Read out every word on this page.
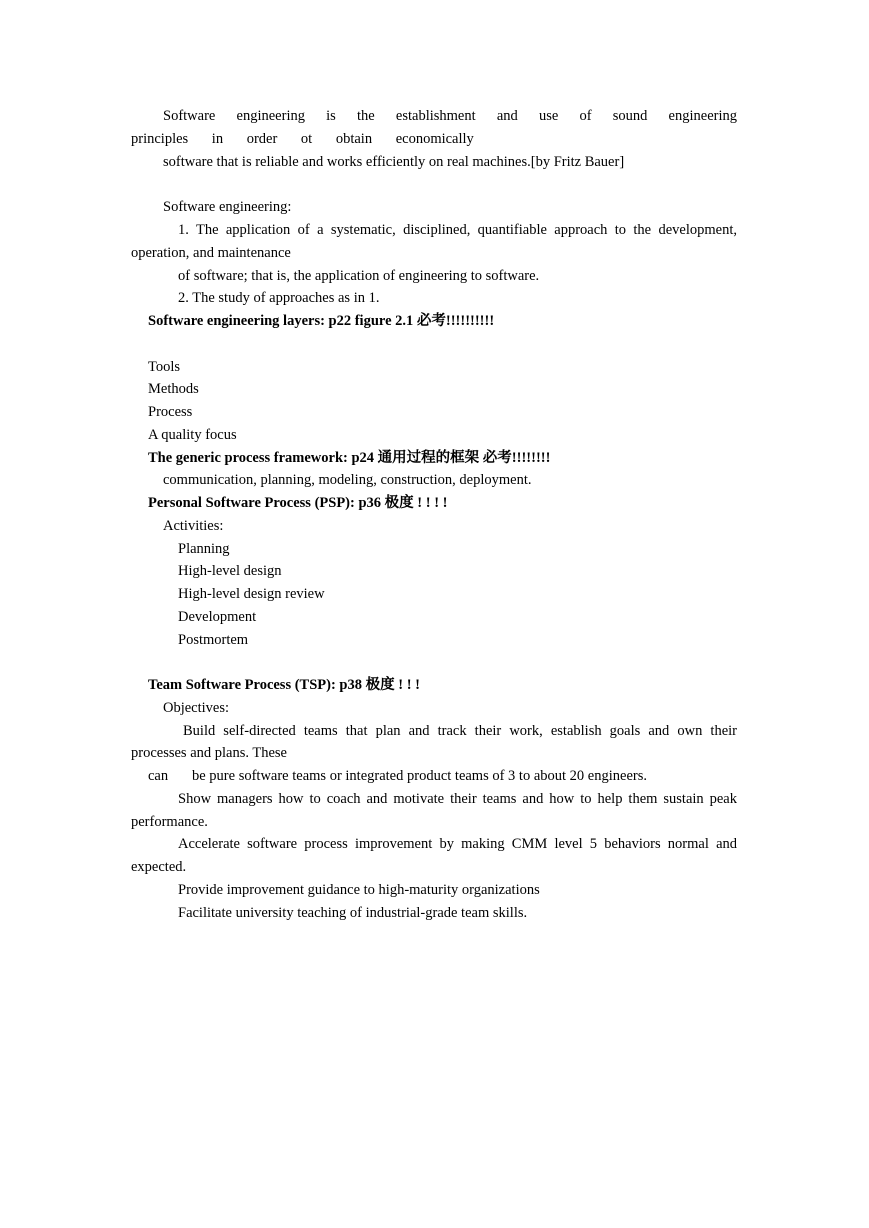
Software engineering is the establishment and use of sound engineering
principles in order ot obtain economically
software that is reliable and works efficiently on real machines.[by Fritz Bauer]
Software engineering:
1. The application of a systematic, disciplined, quantifiable approach to the development,
operation, and maintenance
of software; that is, the application of engineering to software.
2. The study of approaches as in 1.
Software engineering layers: p22 figure 2.1 必考!!!!!!!!!!
Tools
Methods
Process
A quality focus
The generic process framework: p24 通用过程的框架 必考!!!!!!!!
communication, planning, modeling, construction, deployment.
Personal Software Process (PSP): p36 极度 ! ! ! !
Activities:
Planning
High-level design
High-level design review
Development
Postmortem
Team Software Process (TSP): p38 极度 ! ! !
Objectives:
Build self-directed teams that plan and track their work, establish goals and own their
processes and plans. These
can be pure software teams or integrated product teams of 3 to about 20 engineers.
Show managers how to coach and motivate their teams and how to help them sustain peak
performance.
Accelerate software process improvement by making CMM level 5 behaviors normal and
expected.
Provide improvement guidance to high-maturity organizations
Facilitate university teaching of industrial-grade team skills.
